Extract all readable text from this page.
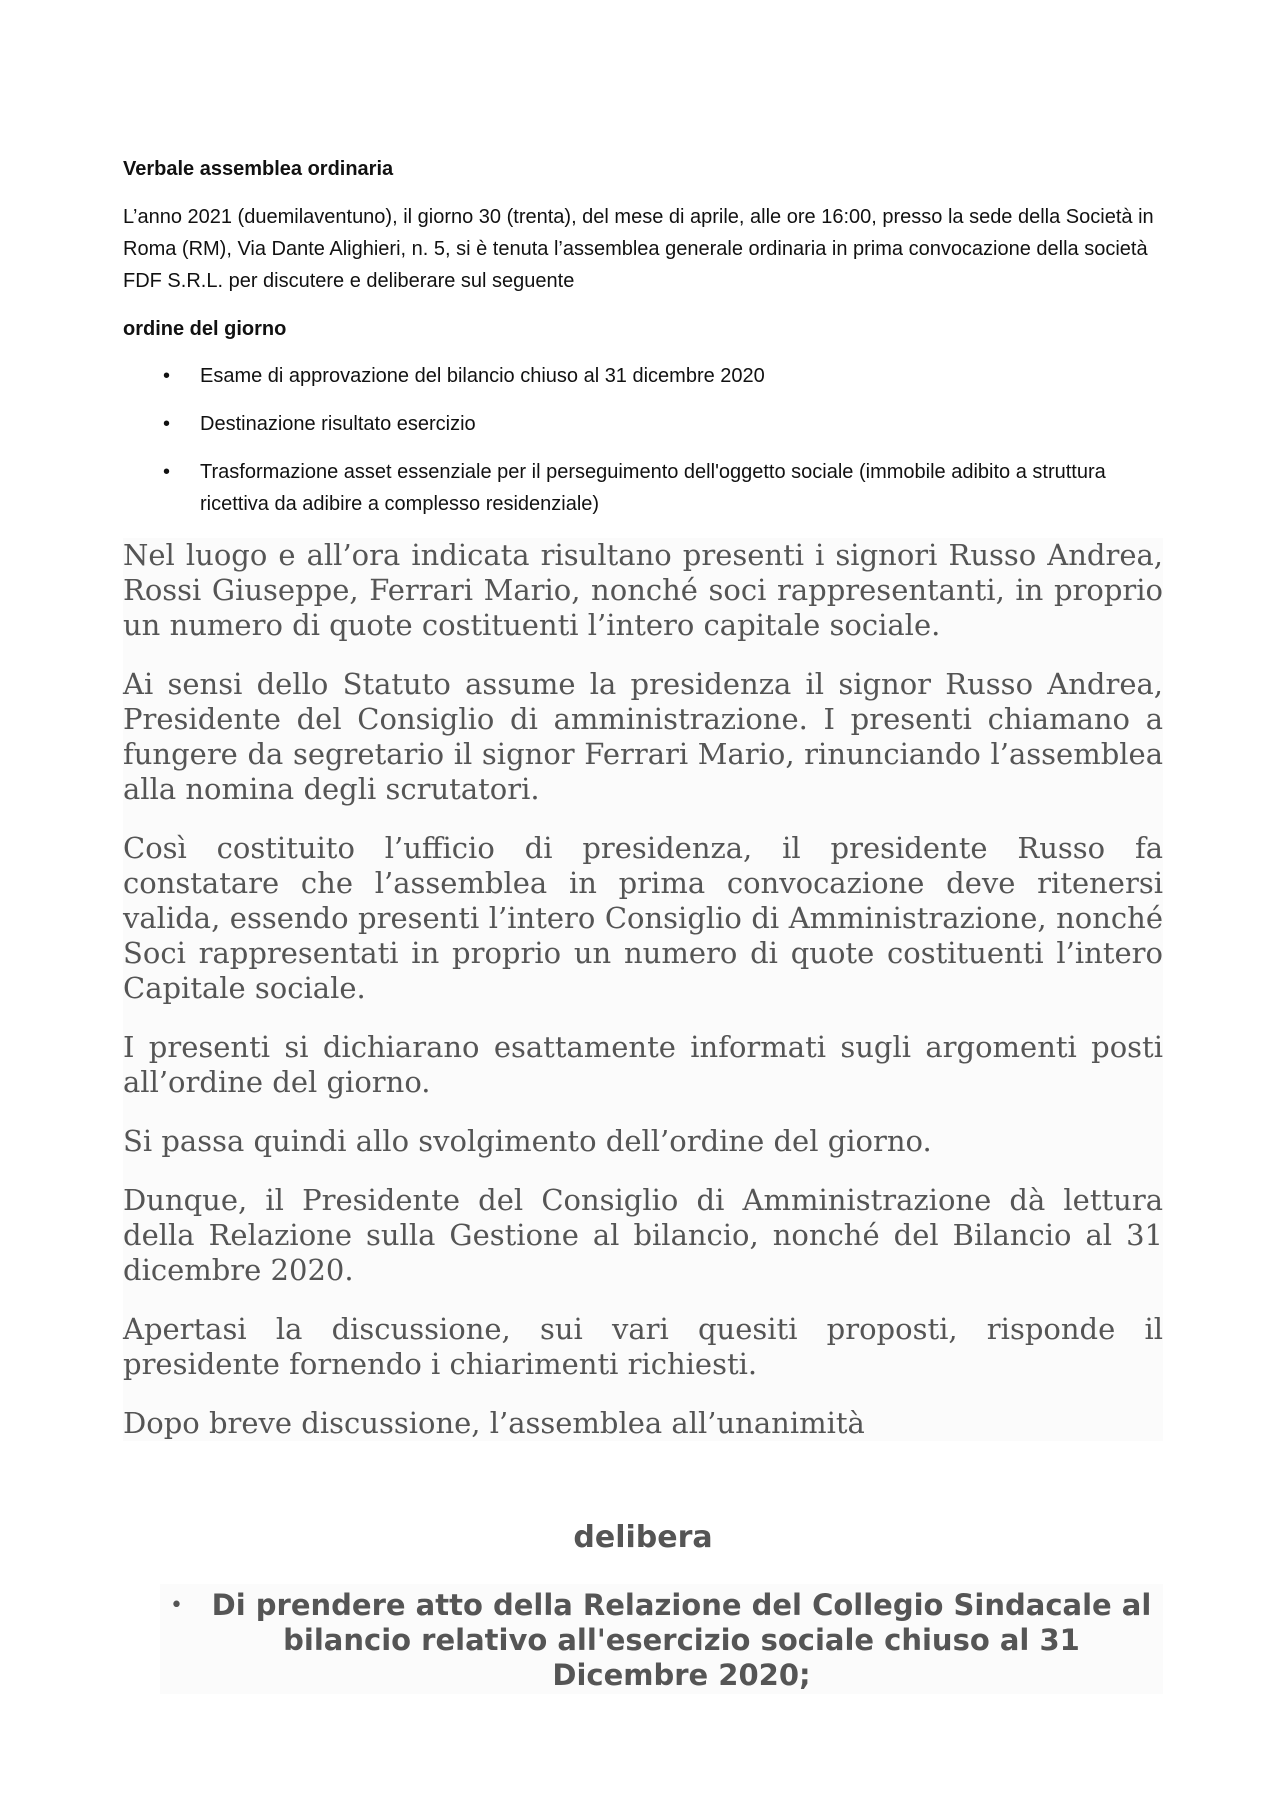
Verbale assemblea ordinaria

L’anno 2021 (duemilaventuno), il giorno 30 (trenta), del mese di aprile, alle ore 16:00, presso la sede della Società in Roma (RM), Via Dante Alighieri, n. 5, si è tenuta l’assemblea generale ordinaria in prima convocazione della società FDF S.R.L. per discutere e deliberare sul seguente

ordine del giorno
• Esame di approvazione del bilancio chiuso al 31 dicembre 2020
• Destinazione risultato esercizio
• Trasformazione asset essenziale per il perseguimento dell'oggetto sociale (immobile adibito a struttura ricettiva da adibire a complesso residenziale)

Nel luogo e all’ora indicata risultano presenti i signori Russo Andrea, Rossi Giuseppe, Ferrari Mario, nonché soci rappresentanti, in proprio un numero di quote costituenti l’intero capitale sociale.

Ai sensi dello Statuto assume la presidenza il signor Russo Andrea, Presidente del Consiglio di amministrazione. I presenti chiamano a fungere da segretario il signor Ferrari Mario, rinunciando l’assemblea alla nomina degli scrutatori.

Così costituito l’ufficio di presidenza, il presidente Russo fa constatare che l’assemblea in prima convocazione deve ritenersi valida, essendo presenti l’intero Consiglio di Amministrazione, nonché Soci rappresentati in proprio un numero di quote costituenti l’intero Capitale sociale.

I presenti si dichiarano esattamente informati sugli argomenti posti all’ordine del giorno.

Si passa quindi allo svolgimento dell’ordine del giorno.

Dunque, il Presidente del Consiglio di Amministrazione dà lettura della Relazione sulla Gestione al bilancio, nonché del Bilancio al 31 dicembre 2020.

Apertasi la discussione, sui vari quesiti proposti, risponde il presidente fornendo i chiarimenti richiesti.

Dopo breve discussione, l’assemblea all’unanimità

delibera
• Di prendere atto della Relazione del Collegio Sindacale al bilancio relativo all'esercizio sociale chiuso al 31 Dicembre 2020;
